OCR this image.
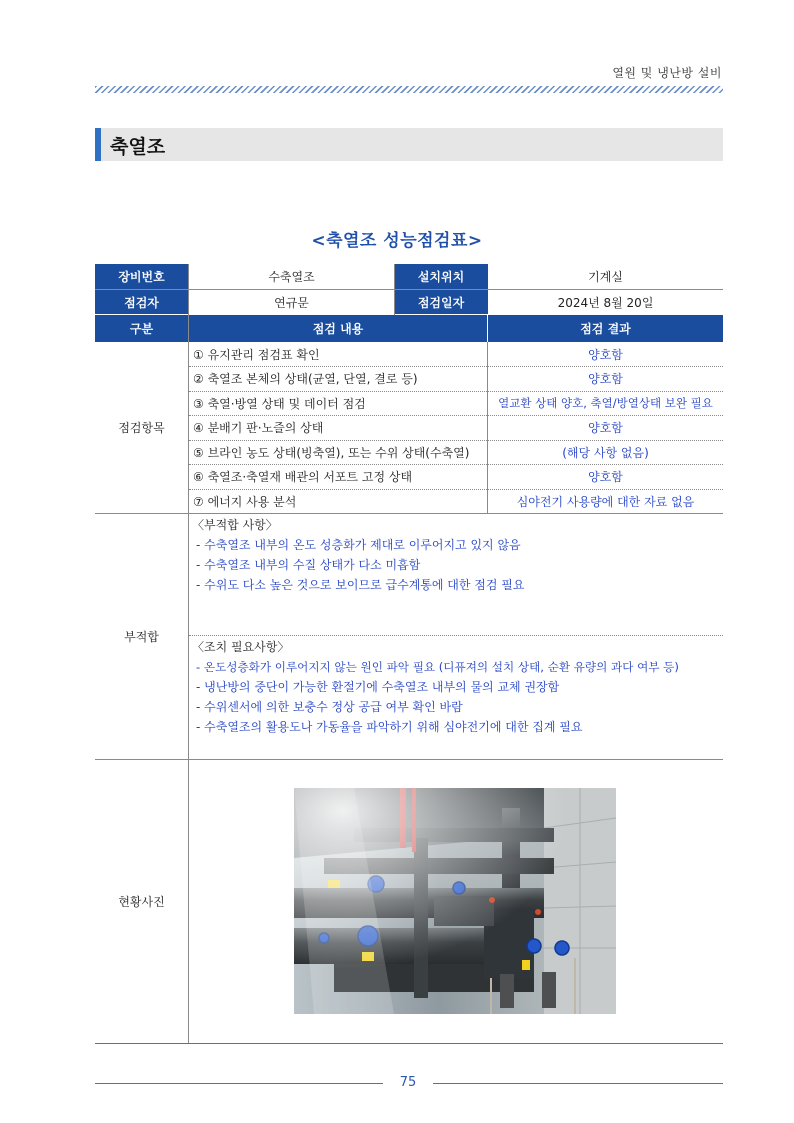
열원 및 냉난방 설비
축열조
<축열조 성능점검표>
장비번호	수축열조	설치위치	기계실
점검자	연규문	점검일자	2024년 8월 20일
구분	점검 내용	점검 결과
점검항목
① 유지관리 점검표 확인	양호함
② 축열조 본체의 상태(균열, 단열, 결로 등)	양호함
③ 축열·방열 상태 및 데이터 점검	열교환 상태 양호, 축열/방열상태 보완 필요
④ 분배기 판·노즐의 상태	양호함
⑤ 브라인 농도 상태(빙축열), 또는 수위 상태(수축열)	(해당 사항 없음)
⑥ 축열조·축열재 배관의 서포트 고정 상태	양호함
⑦ 에너지 사용 분석	심야전기 사용량에 대한 자료 없음
부적합
〈부적합 사항〉
- 수축열조 내부의 온도 성층화가 제대로 이루어지고 있지 않음
- 수축열조 내부의 수질 상태가 다소 미흡함
- 수위도 다소 높은 것으로 보이므로 급수계통에 대한 점검 필요
〈조치 필요사항〉
- 온도성층화가 이루어지지 않는 원인 파악 필요 (디퓨져의 설치 상태, 순환 유량의 과다 여부 등)
- 냉난방의 중단이 가능한 환절기에 수축열조 내부의 물의 교체 권장함
- 수위센서에 의한 보충수 정상 공급 여부 확인 바람
- 수축열조의 활용도나 가동율을 파악하기 위해 심야전기에 대한 집계 필요
현황사진
75
